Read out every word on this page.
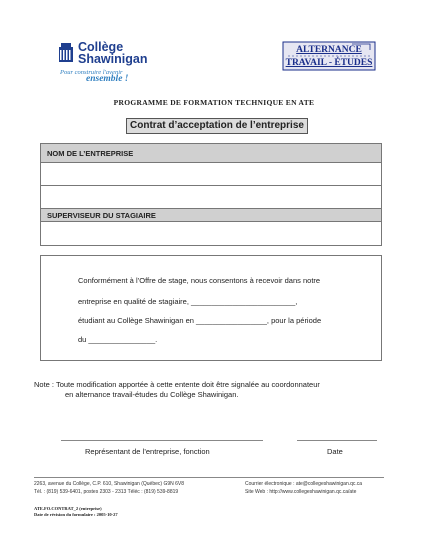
Collège
Shawinigan
Pour construire l'avenir
ensemble !
ALTERNANCE
TRAVAIL - ÉTUDES
PROGRAMME DE FORMATION TECHNIQUE EN ATE
Contrat d’acceptation de l’entreprise
NOM DE L’ENTREPRISE
SUPERVISEUR DU STAGIAIRE
Conformément à l’Offre de stage, nous consentons à recevoir dans notre
entreprise en qualité de stagiaire, _________________________,
étudiant au Collège Shawinigan en _________________, pour la période
du ________________.
Note : Toute modification apportée à cette entente doit être signalée au coordonnateur
en alternance travail-études du Collège Shawinigan.
Représentant de l’entreprise, fonction	Date
2263, avenue du Collège, C.P. 610, Shawinigan (Québec) G9N 6V8
Tél. : (819) 539-6401, postes 2303 - 2313 Téléc : (819) 539-8819
Courrier électronique : ate@collegeshawinigan.qc.ca
Site Web : http://www.collegeshawinigan.qc.ca/ate
ATE.FO.CONTRAT_2 (entreprise)
Date de révision du formulaire : 2005-10-27
